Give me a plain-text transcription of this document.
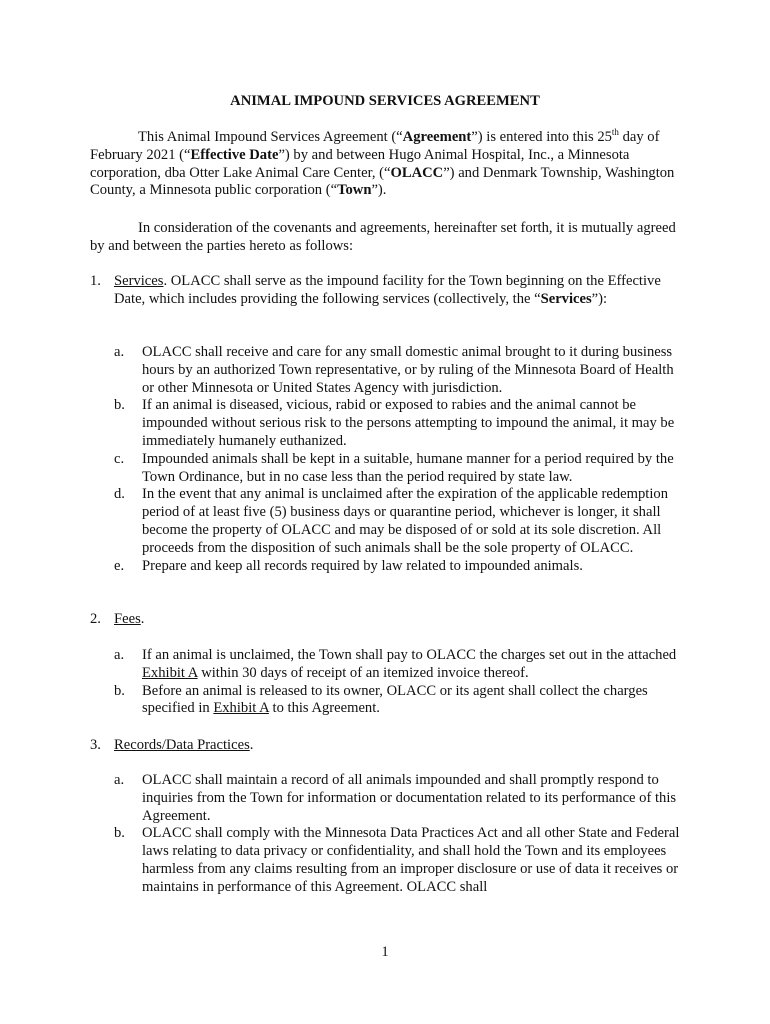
ANIMAL IMPOUND SERVICES AGREEMENT
This Animal Impound Services Agreement (“Agreement”) is entered into this 25th day of February 2021 (“Effective Date”) by and between Hugo Animal Hospital, Inc., a Minnesota corporation, dba Otter Lake Animal Care Center, (“OLACC”) and Denmark Township, Washington County, a Minnesota public corporation (“Town”).
In consideration of the covenants and agreements, hereinafter set forth, it is mutually agreed by and between the parties hereto as follows:
1. Services. OLACC shall serve as the impound facility for the Town beginning on the Effective Date, which includes providing the following services (collectively, the “Services”):
a. OLACC shall receive and care for any small domestic animal brought to it during business hours by an authorized Town representative, or by ruling of the Minnesota Board of Health or other Minnesota or United States Agency with jurisdiction.
b. If an animal is diseased, vicious, rabid or exposed to rabies and the animal cannot be impounded without serious risk to the persons attempting to impound the animal, it may be immediately humanely euthanized.
c. Impounded animals shall be kept in a suitable, humane manner for a period required by the Town Ordinance, but in no case less than the period required by state law.
d. In the event that any animal is unclaimed after the expiration of the applicable redemption period of at least five (5) business days or quarantine period, whichever is longer, it shall become the property of OLACC and may be disposed of or sold at its sole discretion. All proceeds from the disposition of such animals shall be the sole property of OLACC.
e. Prepare and keep all records required by law related to impounded animals.
2. Fees.
a. If an animal is unclaimed, the Town shall pay to OLACC the charges set out in the attached Exhibit A within 30 days of receipt of an itemized invoice thereof.
b. Before an animal is released to its owner, OLACC or its agent shall collect the charges specified in Exhibit A to this Agreement.
3. Records/Data Practices.
a. OLACC shall maintain a record of all animals impounded and shall promptly respond to inquiries from the Town for information or documentation related to its performance of this Agreement.
b. OLACC shall comply with the Minnesota Data Practices Act and all other State and Federal laws relating to data privacy or confidentiality, and shall hold the Town and its employees harmless from any claims resulting from an improper disclosure or use of data it receives or maintains in performance of this Agreement. OLACC shall
1
